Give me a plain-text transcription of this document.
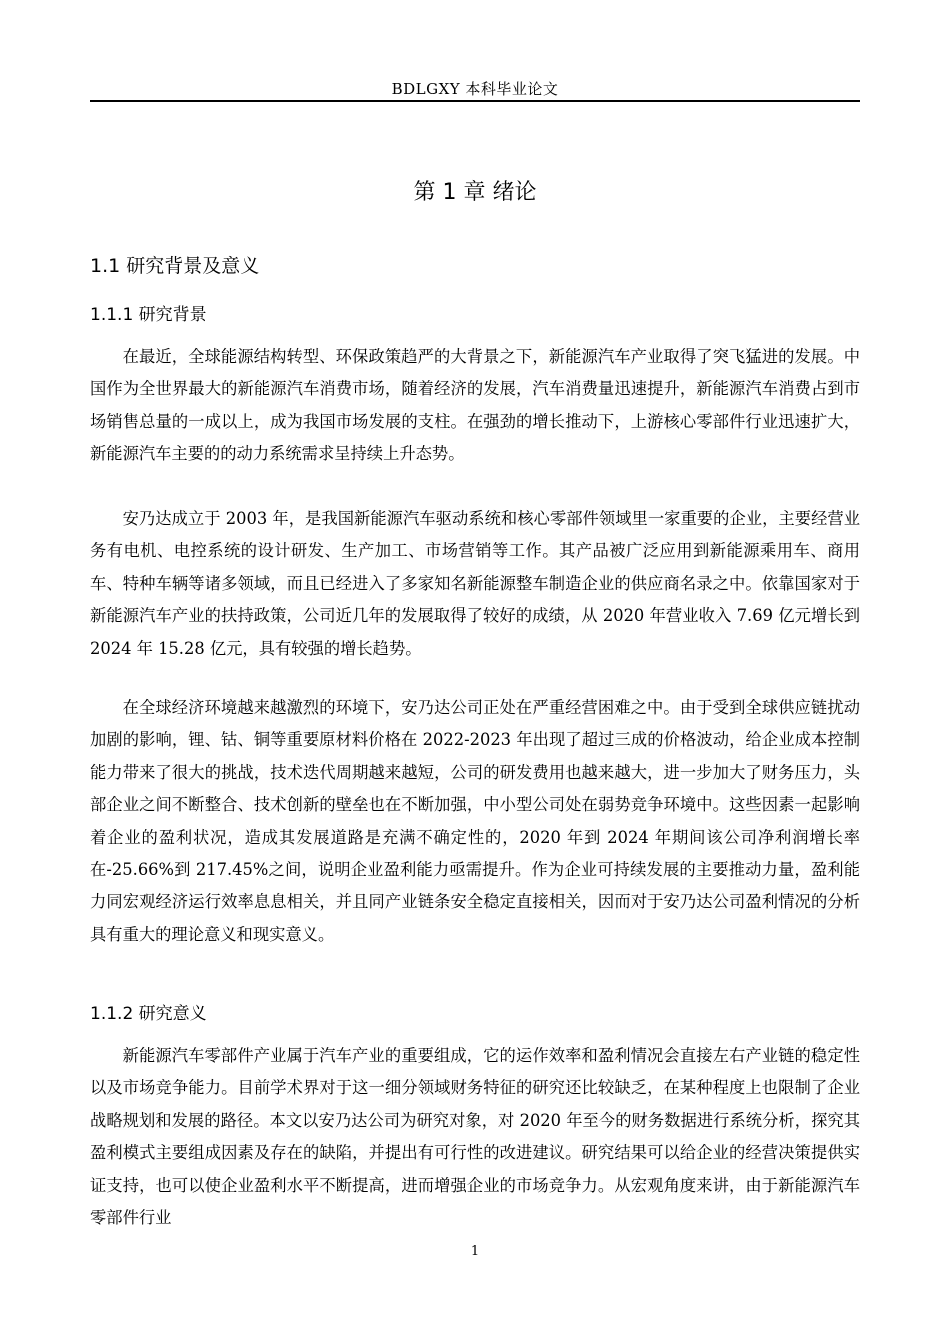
BDLGXY 本科毕业论文
第 1 章 绪论
1.1 研究背景及意义
1.1.1 研究背景

在最近，全球能源结构转型、环保政策趋严的大背景之下，新能源汽车产业取得了突飞猛进的发展。中国作为全世界最大的新能源汽车消费市场，随着经济的发展，汽车消费量迅速提升，新能源汽车消费占到市场销售总量的一成以上，成为我国市场发展的支柱。在强劲的增长推动下，上游核心零部件行业迅速扩大，新能源汽车主要的的动力系统需求呈持续上升态势。

安乃达成立于 2003 年，是我国新能源汽车驱动系统和核心零部件领域里一家重要的企业，主要经营业务有电机、电控系统的设计研发、生产加工、市场营销等工作。其产品被广泛应用到新能源乘用车、商用车、特种车辆等诸多领域，而且已经进入了多家知名新能源整车制造企业的供应商名录之中。依靠国家对于新能源汽车产业的扶持政策，公司近几年的发展取得了较好的成绩，从 2020 年营业收入 7.69 亿元增长到 2024 年 15.28 亿元，具有较强的增长趋势。

在全球经济环境越来越激烈的环境下，安乃达公司正处在严重经营困难之中。由于受到全球供应链扰动加剧的影响，锂、钴、铜等重要原材料价格在 2022-2023 年出现了超过三成的价格波动，给企业成本控制能力带来了很大的挑战，技术迭代周期越来越短，公司的研发费用也越来越大，进一步加大了财务压力，头部企业之间不断整合、技术创新的壁垒也在不断加强，中小型公司处在弱势竞争环境中。这些因素一起影响着企业的盈利状况，造成其发展道路是充满不确定性的，2020 年到 2024 年期间该公司净利润增长率在-25.66%到 217.45%之间，说明企业盈利能力亟需提升。作为企业可持续发展的主要推动力量，盈利能力同宏观经济运行效率息息相关，并且同产业链条安全稳定直接相关，因而对于安乃达公司盈利情况的分析具有重大的理论意义和现实意义。

1.1.2 研究意义

新能源汽车零部件产业属于汽车产业的重要组成，它的运作效率和盈利情况会直接左右产业链的稳定性以及市场竞争能力。目前学术界对于这一细分领域财务特征的研究还比较缺乏，在某种程度上也限制了企业战略规划和发展的路径。本文以安乃达公司为研究对象，对 2020 年至今的财务数据进行系统分析，探究其盈利模式主要组成因素及存在的缺陷，并提出有可行性的改进建议。研究结果可以给企业的经营决策提供实证支持，也可以使企业盈利水平不断提高，进而增强企业的市场竞争力。从宏观角度来讲，由于新能源汽车零部件行业

1
